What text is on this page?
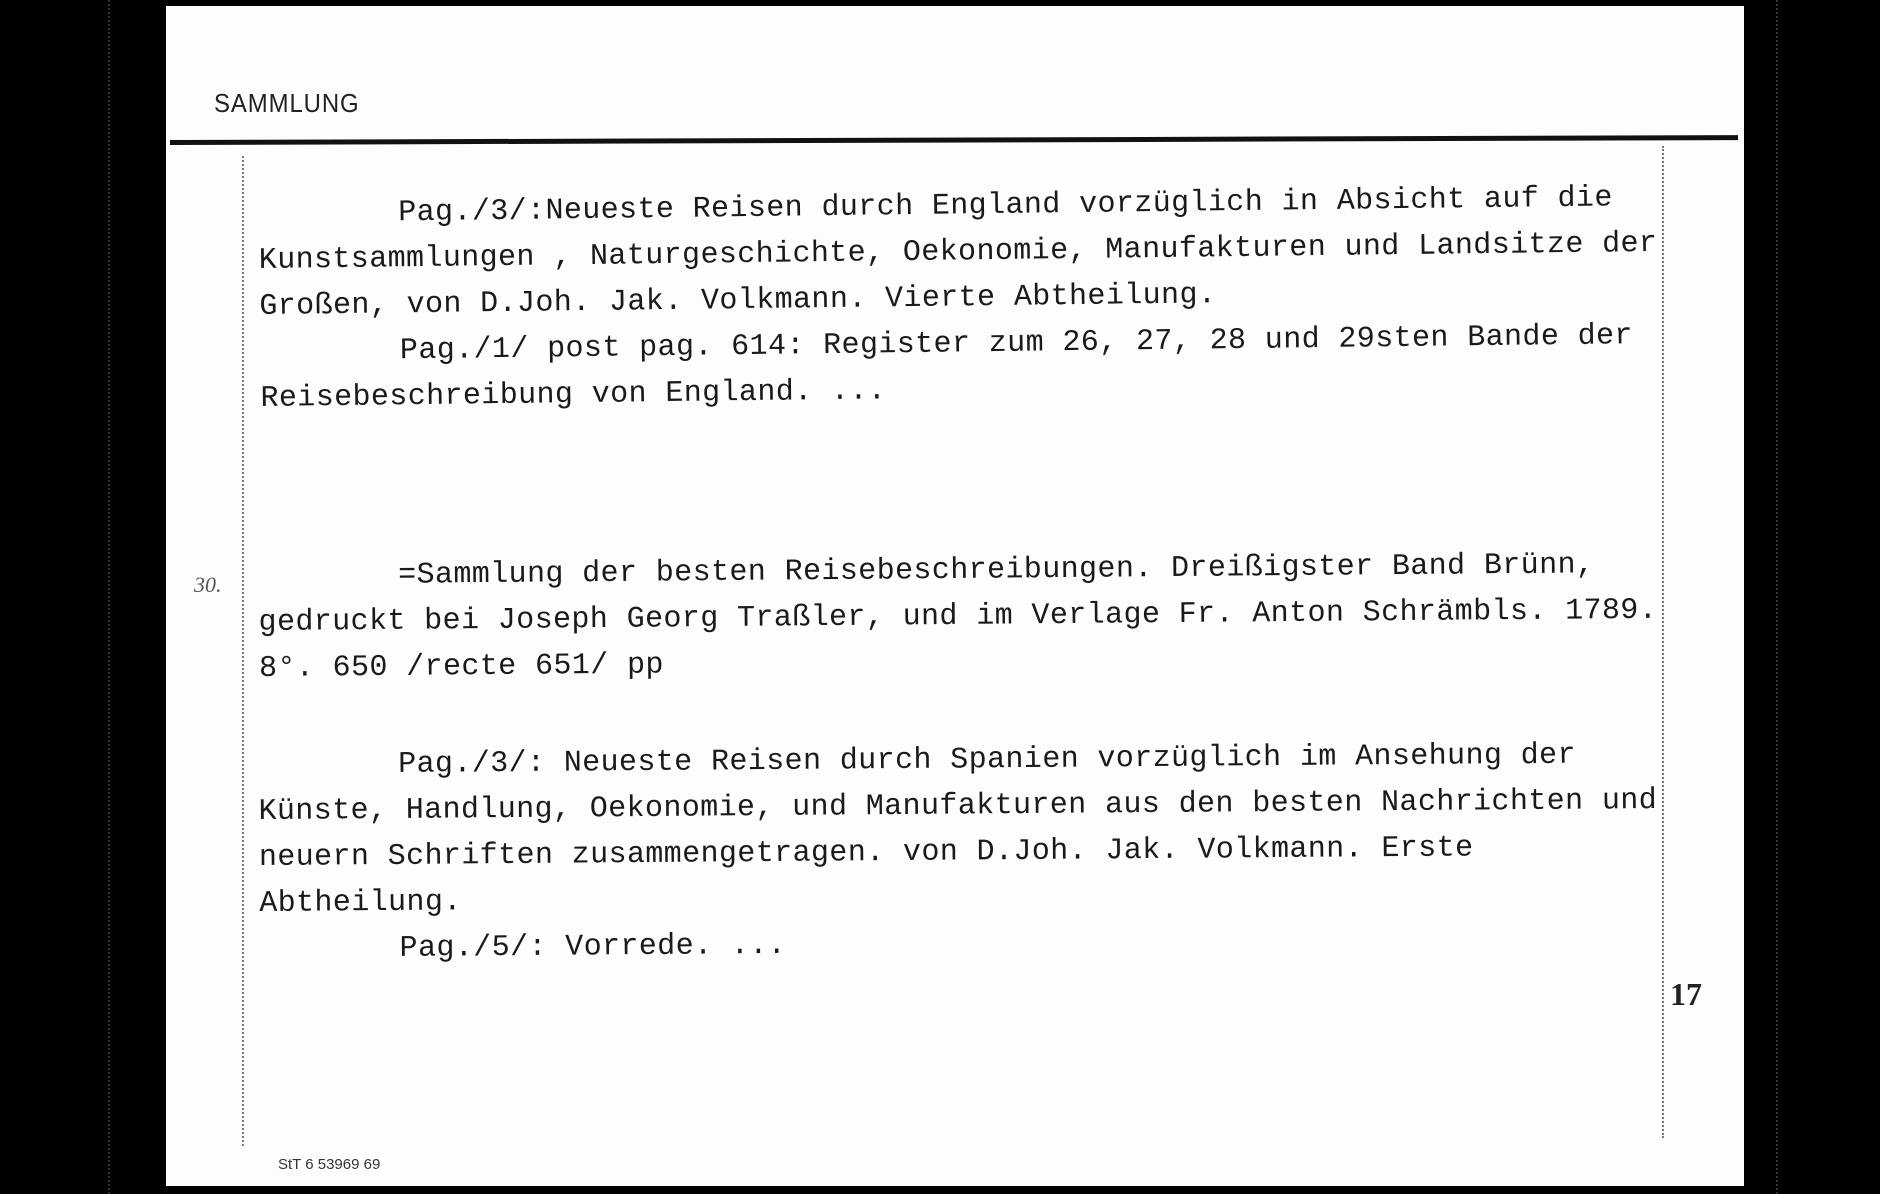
SAMMLUNG

Pag./3/:Neueste Reisen durch England vorzüglich in Absicht auf die Kunstsammlungen , Naturgeschichte, Oekonomie, Manufakturen und Landsitze der Großen, von D.Joh. Jak. Volkmann. Vierte Abtheilung.

Pag./1/ post pag. 614: Register zum 26, 27, 28 und 29sten Bande der Reisebeschreibung von England. ...

30.	=Sammlung der besten Reisebeschreibungen. Dreißigster Band Brünn, gedruckt bei Joseph Georg Traßler, und im Verlage Fr. Anton Schrämbls. 1789. 8°. 650 /recte 651/ pp

Pag./3/: Neueste Reisen durch Spanien vorzüglich im Ansehung der Künste, Handlung, Oekonomie, und Manufakturen aus den besten Nachrichten und neuern Schriften zusammengetragen. von D.Joh. Jak. Volkmann. Erste Abtheilung.

Pag./5/: Vorrede. ...

17
StT 6 53969 69
